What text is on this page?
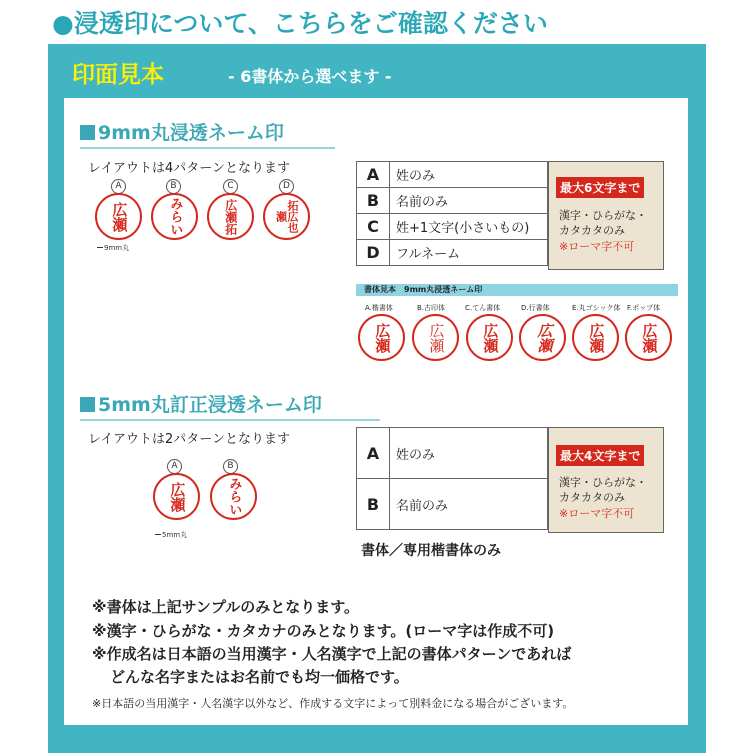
●浸透印について、こちらをご確認ください
印面見本	- 6書体から選べます -
9mm丸浸透ネーム印
レイアウトは4パターンとなります
A	B	C	D
広瀬	みらい	広瀬拓	拓広也瀬
9mm丸
A	姓のみ
B	名前のみ
C	姓+1文字(小さいもの)
D	フルネーム
最大6文字まで
漢字・ひらがな・
カタカタのみ
※ローマ字不可
書体見本　9mm丸浸透ネーム印
A.楷書体	B.古印体	C.てん書体	D.行書体	E.丸ゴシック体 F.ポップ体
広瀬	広瀬	広瀬	広瀬	広瀬	広瀬
5mm丸訂正浸透ネーム印
レイアウトは2パターンとなります
A	B
広瀬	みらい
5mm丸
A	姓のみ
B	名前のみ
最大4文字まで
漢字・ひらがな・
カタカタのみ
※ローマ字不可
書体／専用楷書体のみ
※書体は上記サンプルのみとなります。
※漢字・ひらがな・カタカナのみとなります。(ローマ字は作成不可)
※作成名は日本語の当用漢字・人名漢字で上記の書体パターンであれば
どんな名字またはお名前でも均一価格です。
※日本語の当用漢字・人名漢字以外など、作成する文字によって別料金になる場合がございます。
